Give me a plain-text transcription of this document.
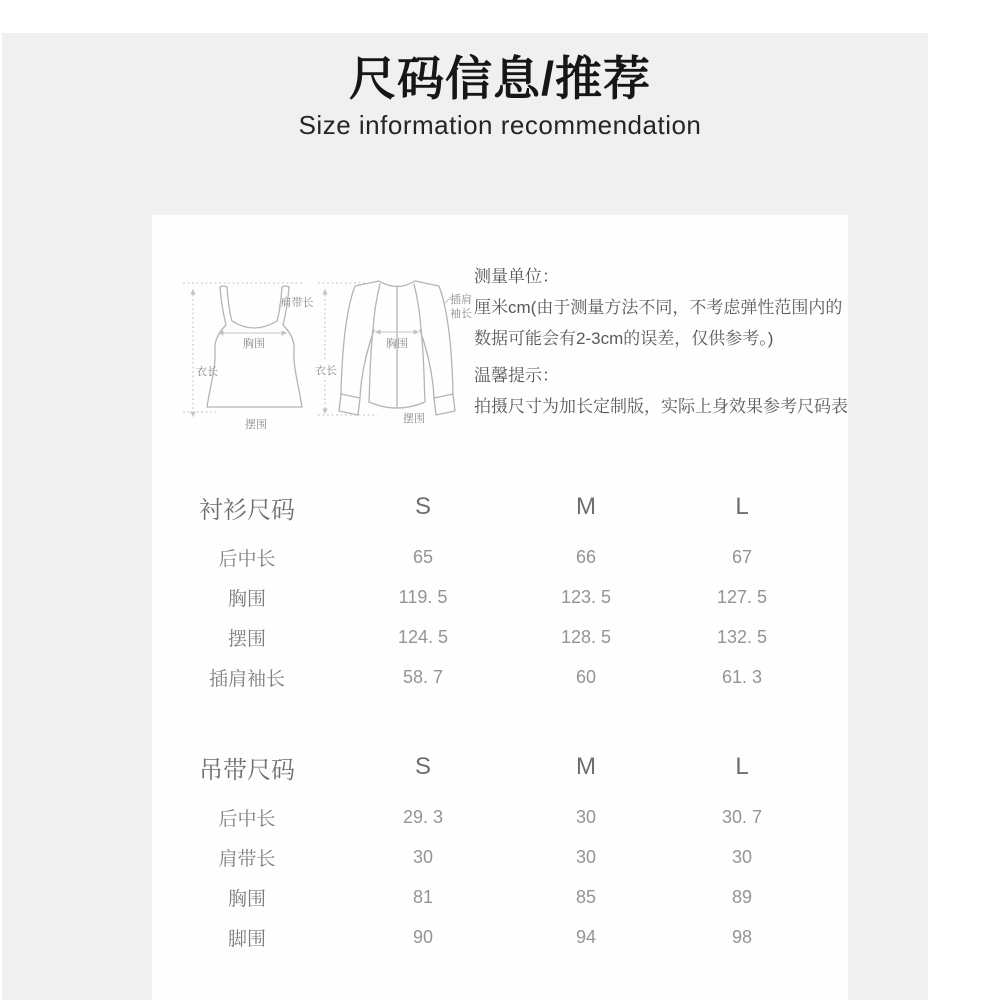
尺码信息/推荐
Size information recommendation
肩带长
胸围
衣长
摆围
胸围
衣长
摆围
插肩
袖长
测量单位：
厘米cm(由于测量方法不同，不考虑弹性范围内的
数据可能会有2-3cm的误差，仅供参考。)
温馨提示：
拍摄尺寸为加长定制版，实际上身效果参考尺码表
衬衫尺码	S	M	L
后中长	65	66	67
胸围	119. 5	123. 5	127. 5
摆围	124. 5	128. 5	132. 5
插肩袖长	58. 7	60	61. 3
吊带尺码	S	M	L
后中长	29. 3	30	30. 7
肩带长	30	30	30
胸围	81	85	89
脚围	90	94	98
